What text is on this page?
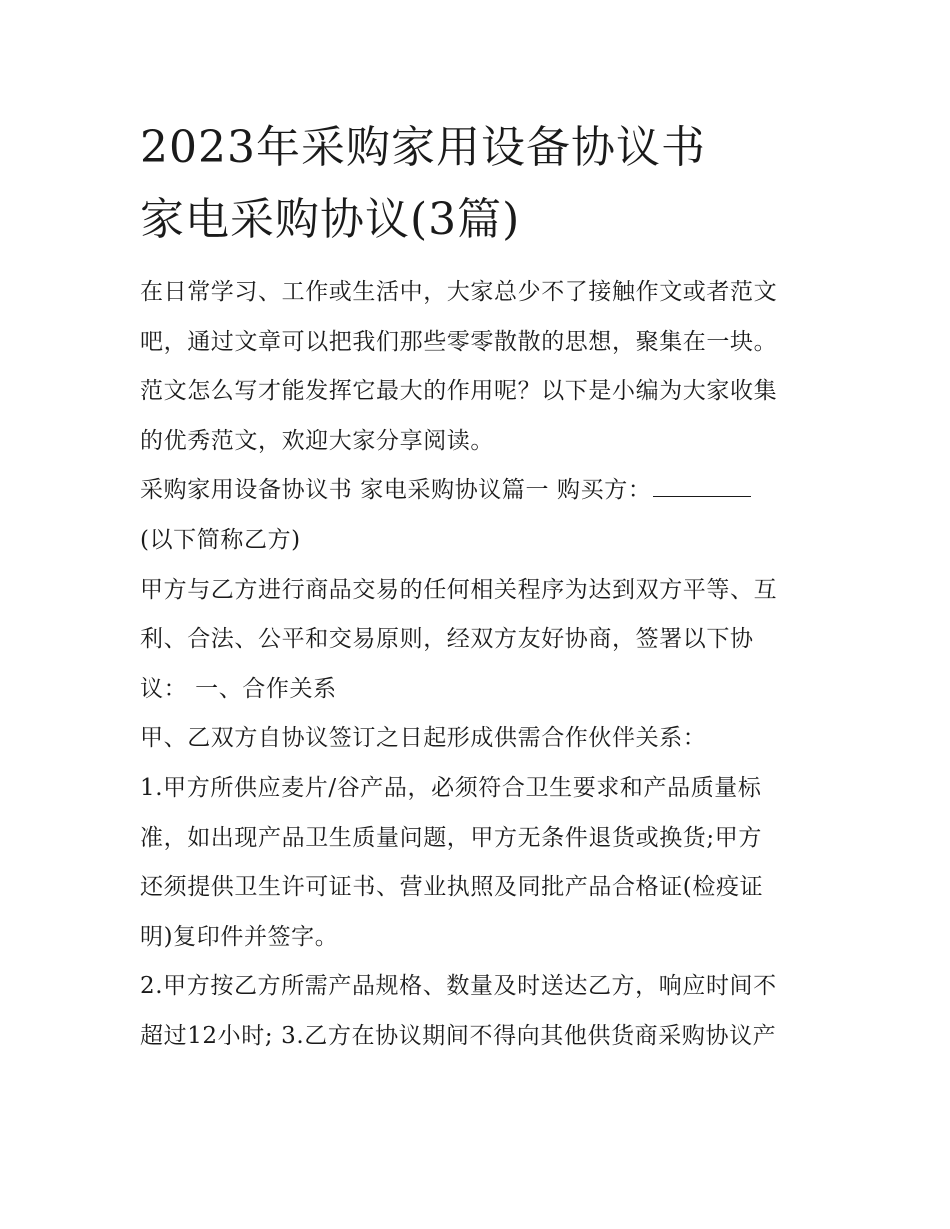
2023年采购家用设备协议书
家电采购协议(3篇)

在日常学习、工作或生活中，大家总少不了接触作文或者范文
吧，通过文章可以把我们那些零零散散的思想，聚集在一块。
范文怎么写才能发挥它最大的作用呢？以下是小编为大家收集
的优秀范文，欢迎大家分享阅读。

采购家用设备协议书 家电采购协议篇一 购买方：

(以下简称乙方)

甲方与乙方进行商品交易的任何相关程序为达到双方平等、互
利、合法、公平和交易原则，经双方友好协商，签署以下协
议： 一、合作关系

甲、乙双方自协议签订之日起形成供需合作伙伴关系：

1.甲方所供应麦片/谷产品，必须符合卫生要求和产品质量标
准，如出现产品卫生质量问题，甲方无条件退货或换货;甲方
还须提供卫生许可证书、营业执照及同批产品合格证(检疫证
明)复印件并签字。

2.甲方按乙方所需产品规格、数量及时送达乙方，响应时间不
超过12小时; 3.乙方在协议期间不得向其他供货商采购协议产
